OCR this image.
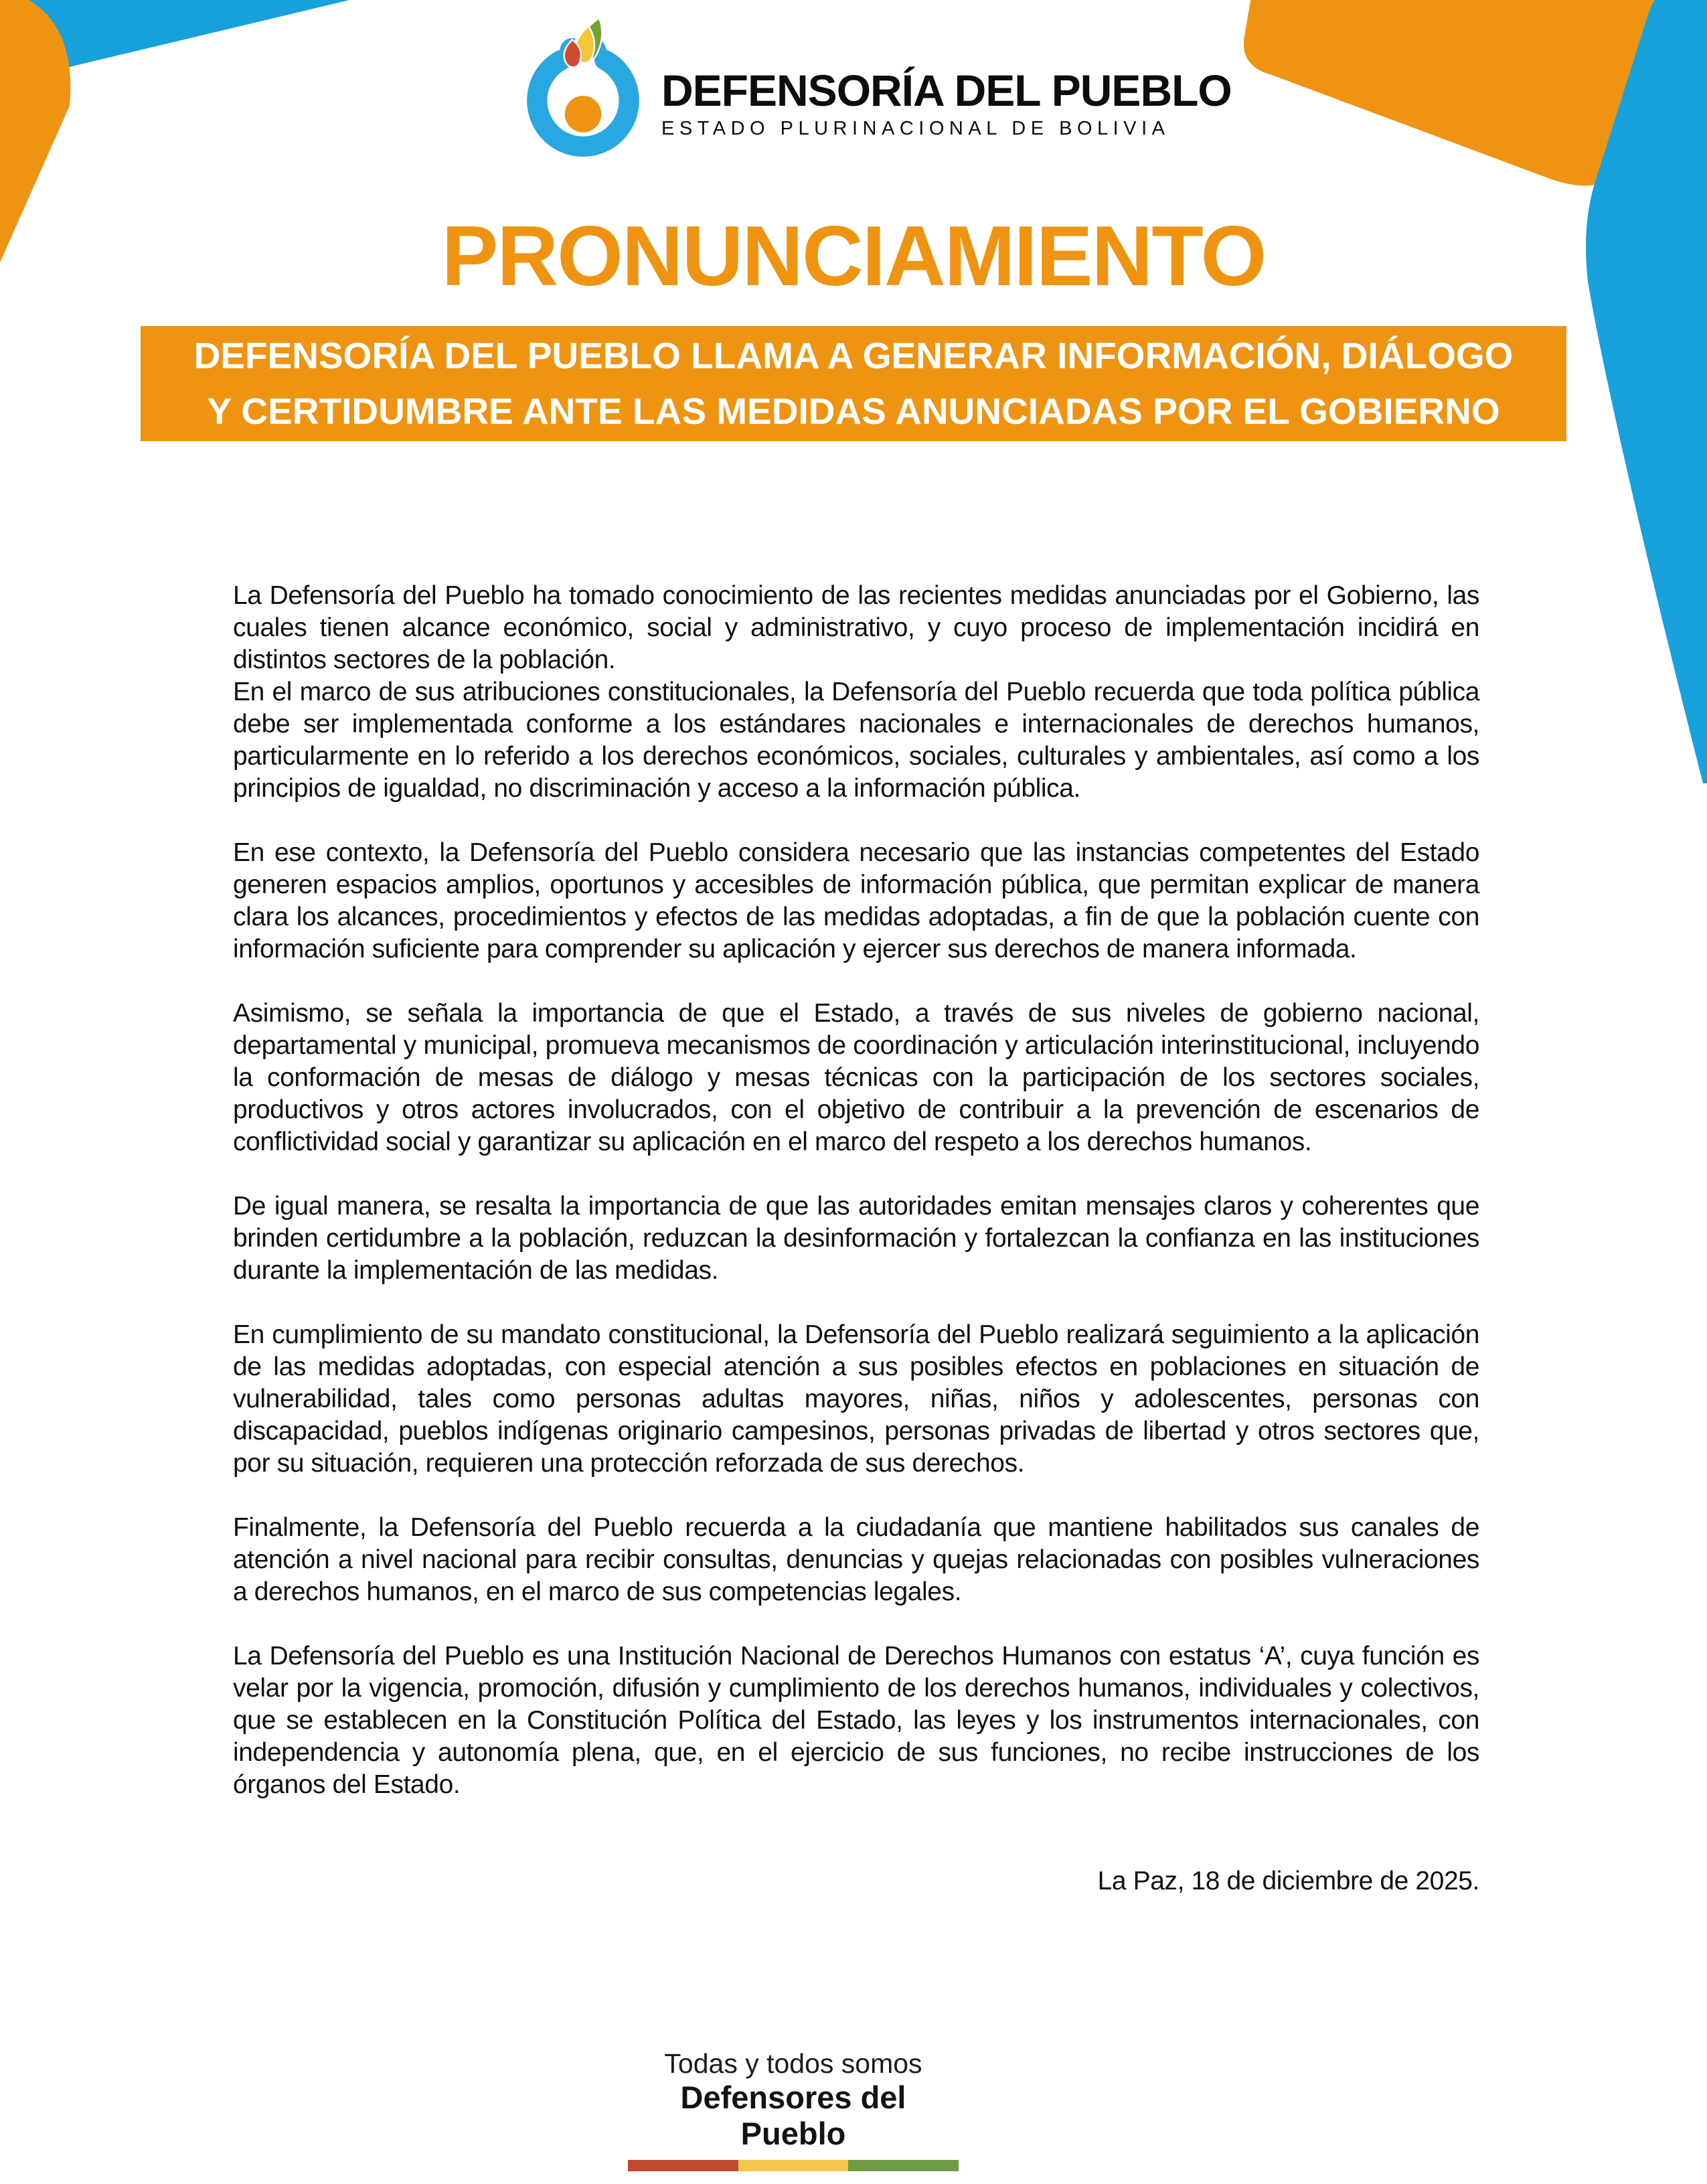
DEFENSORÍA DEL PUEBLO
ESTADO PLURINACIONAL DE BOLIVIA
PRONUNCIAMIENTO
DEFENSORÍA DEL PUEBLO LLAMA A GENERAR INFORMACIÓN, DIÁLOGO
Y CERTIDUMBRE ANTE LAS MEDIDAS ANUNCIADAS POR EL GOBIERNO

La Defensoría del Pueblo ha tomado conocimiento de las recientes medidas anunciadas por el Gobierno, las cuales tienen alcance económico, social y administrativo, y cuyo proceso de implementación incidirá en distintos sectores de la población.

En el marco de sus atribuciones constitucionales, la Defensoría del Pueblo recuerda que toda política pública debe ser implementada conforme a los estándares nacionales e internacionales de derechos humanos, particularmente en lo referido a los derechos económicos, sociales, culturales y ambientales, así como a los principios de igualdad, no discriminación y acceso a la información pública.

En ese contexto, la Defensoría del Pueblo considera necesario que las instancias competentes del Estado generen espacios amplios, oportunos y accesibles de información pública, que permitan explicar de manera clara los alcances, procedimientos y efectos de las medidas adoptadas, a fin de que la población cuente con información suficiente para comprender su aplicación y ejercer sus derechos de manera informada.

Asimismo, se señala la importancia de que el Estado, a través de sus niveles de gobierno nacional, departamental y municipal, promueva mecanismos de coordinación y articulación interinstitucional, incluyendo la conformación de mesas de diálogo y mesas técnicas con la participación de los sectores sociales, productivos y otros actores involucrados, con el objetivo de contribuir a la prevención de escenarios de conflictividad social y garantizar su aplicación en el marco del respeto a los derechos humanos.

De igual manera, se resalta la importancia de que las autoridades emitan mensajes claros y coherentes que brinden certidumbre a la población, reduzcan la desinformación y fortalezcan la confianza en las instituciones durante la implementación de las medidas.

En cumplimiento de su mandato constitucional, la Defensoría del Pueblo realizará seguimiento a la aplicación de las medidas adoptadas, con especial atención a sus posibles efectos en poblaciones en situación de vulnerabilidad, tales como personas adultas mayores, niñas, niños y adolescentes, personas con discapacidad, pueblos indígenas originario campesinos, personas privadas de libertad y otros sectores que, por su situación, requieren una protección reforzada de sus derechos.

Finalmente, la Defensoría del Pueblo recuerda a la ciudadanía que mantiene habilitados sus canales de atención a nivel nacional para recibir consultas, denuncias y quejas relacionadas con posibles vulneraciones a derechos humanos, en el marco de sus competencias legales.

La Defensoría del Pueblo es una Institución Nacional de Derechos Humanos con estatus ‘A’, cuya función es velar por la vigencia, promoción, difusión y cumplimiento de los derechos humanos, individuales y colectivos, que se establecen en la Constitución Política del Estado, las leyes y los instrumentos internacionales, con independencia y autonomía plena, que, en el ejercicio de sus funciones, no recibe instrucciones de los órganos del Estado.

La Paz, 18 de diciembre de 2025.
Todas y todos somos
Defensores del Pueblo
